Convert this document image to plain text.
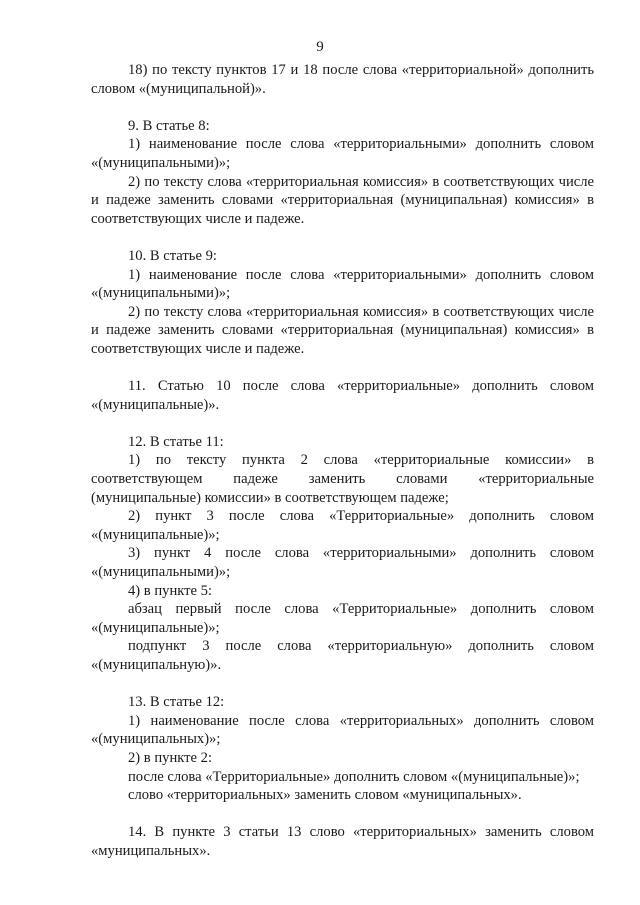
9

18) по тексту пунктов 17 и 18 после слова «территориальной» дополнить словом «(муниципальной)».

9. В статье 8:

1) наименование после слова «территориальными» дополнить словом «(муниципальными)»;

2) по тексту слова «территориальная комиссия» в соответствующих числе и падеже заменить словами «территориальная (муниципальная) комиссия» в соответствующих числе и падеже.

10. В статье 9:

1) наименование после слова «территориальными» дополнить словом «(муниципальными)»;

2) по тексту слова «территориальная комиссия» в соответствующих числе и падеже заменить словами «территориальная (муниципальная) комиссия» в соответствующих числе и падеже.

11. Статью 10 после слова «территориальные» дополнить словом «(муниципальные)».

12. В статье 11:

1) по тексту пункта 2 слова «территориальные комиссии» в соответствующем падеже заменить словами «территориальные (муниципальные) комиссии» в соответствующем падеже;

2) пункт 3 после слова «Территориальные» дополнить словом «(муниципальные)»;

3) пункт 4 после слова «территориальными» дополнить словом «(муниципальными)»;

4) в пункте 5:

абзац первый после слова «Территориальные» дополнить словом «(муниципальные)»;

подпункт 3 после слова «территориальную» дополнить словом «(муниципальную)».

13. В статье 12:

1) наименование после слова «территориальных» дополнить словом «(муниципальных)»;

2) в пункте 2:

после слова «Территориальные» дополнить словом «(муниципальные)»;

слово «территориальных» заменить словом «муниципальных».

14. В пункте 3 статьи 13 слово «территориальных» заменить словом «муниципальных».
